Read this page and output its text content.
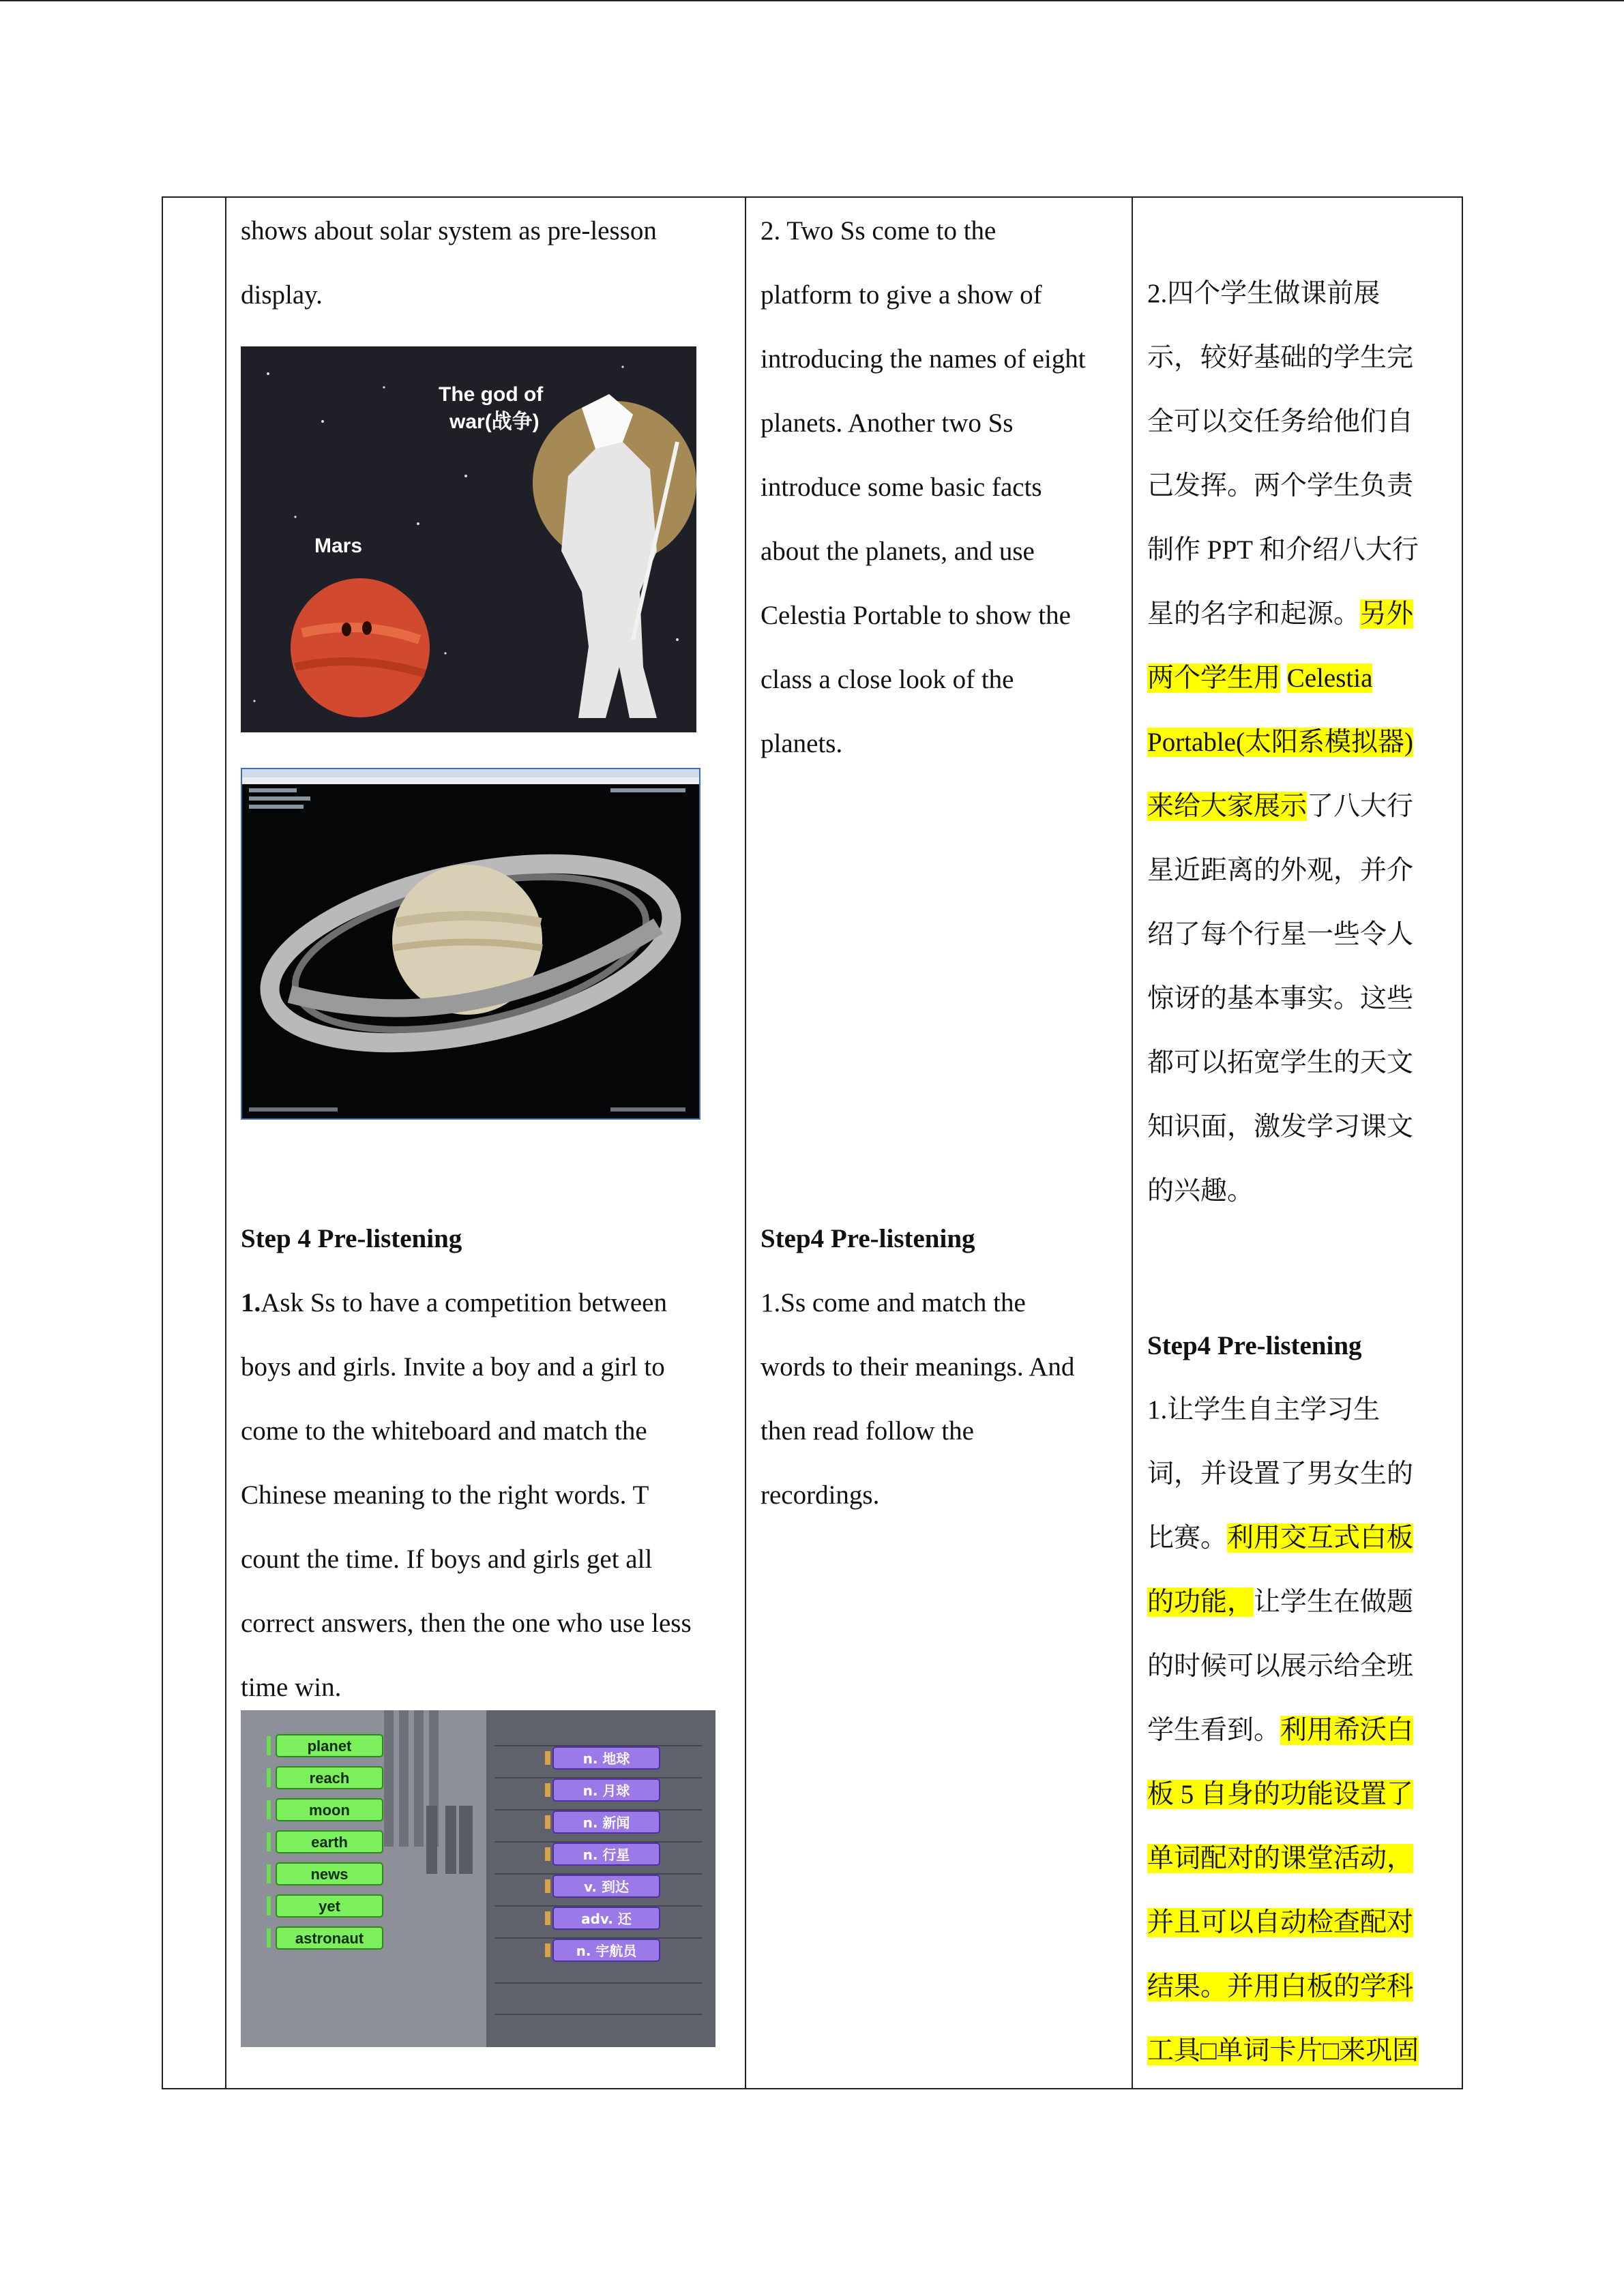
shows about solar system as pre-lesson

display.

The god of
war(战争)
Mars

Step 4 Pre-listening

1.Ask Ss to have a competition between

boys and girls. Invite a boy and a girl to

come to the whiteboard and match the

Chinese meaning to the right words. T

count the time. If boys and girls get all

correct answers, then the one who use less

time win.

planet
reach
moon
earth
news
yet
astronaut
n. 地球
n. 月球
n. 新闻
n. 行星
v. 到达
adv. 还
n. 宇航员

2. Two Ss come to the

platform to give a show of

introducing the names of eight

planets. Another two Ss

introduce some basic facts

about the planets, and use

Celestia Portable to show the

class a close look of the

planets.

Step4 Pre-listening

1.Ss come and match the

words to their meanings. And

then read follow the

recordings.

2.四个学生做课前展

示，较好基础的学生完

全可以交任务给他们自

己发挥。两个学生负责

制作 PPT 和介绍八大行

星的名字和起源。另外

两个学生用 Celestia

Portable(太阳系模拟器)

来给大家展示了八大行

星近距离的外观，并介

绍了每个行星一些令人

惊讶的基本事实。这些

都可以拓宽学生的天文

知识面，激发学习课文

的兴趣。

Step4 Pre-listening

1.让学生自主学习生

词，并设置了男女生的

比赛。利用交互式白板

的功能，让学生在做题

的时候可以展示给全班

学生看到。利用希沃白

板 5 自身的功能设置了

单词配对的课堂活动，

并且可以自动检查配对

结果。并用白板的学科

工具□单词卡片□来巩固
